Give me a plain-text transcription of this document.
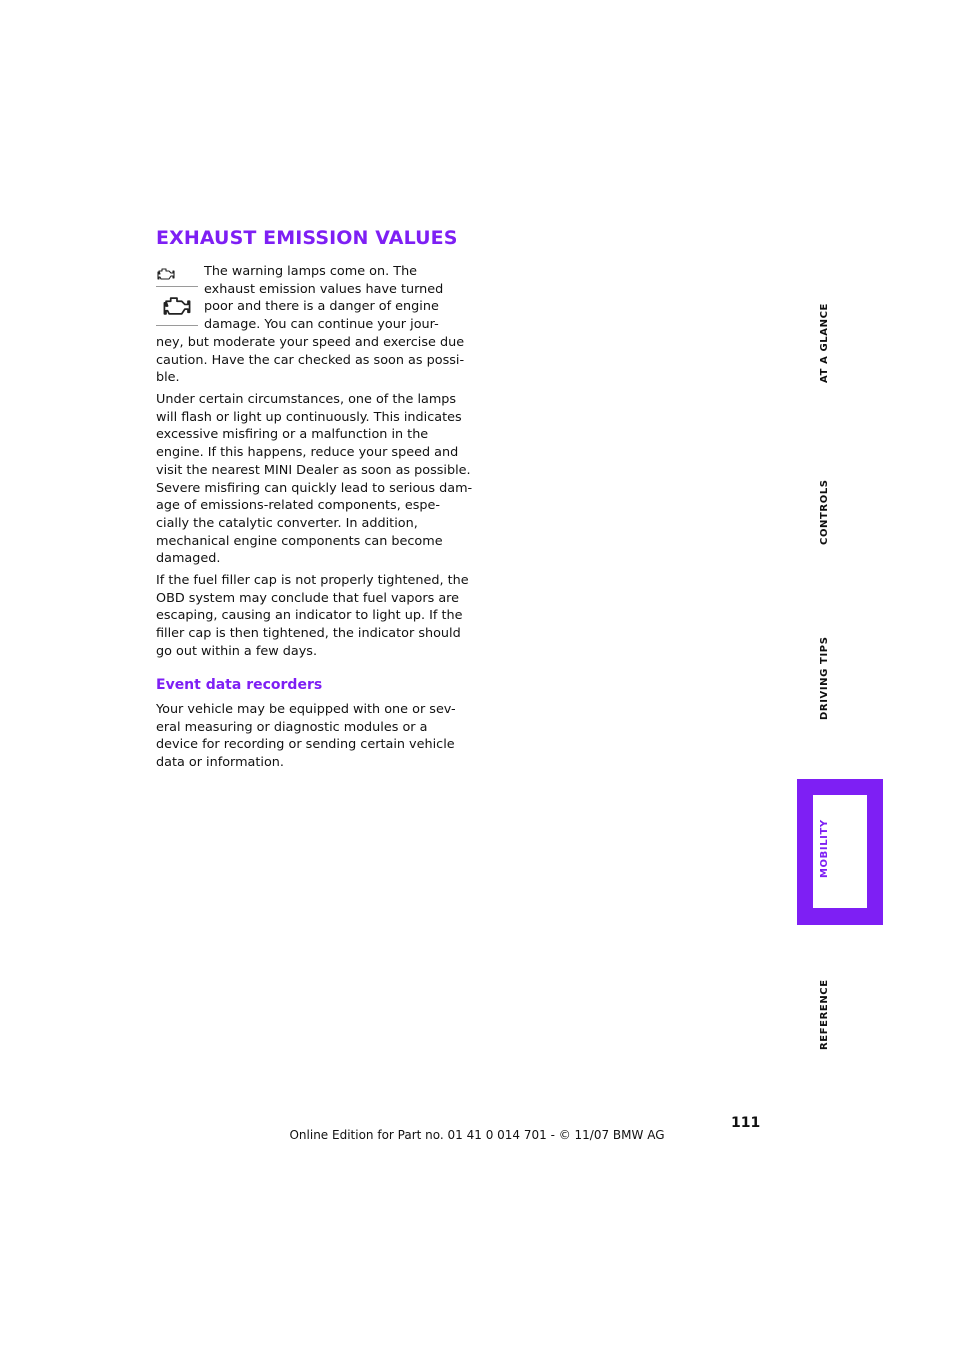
EXHAUST EMISSION VALUES
The warning lamps come on. The
exhaust emission values have turned
poor and there is a danger of engine
damage. You can continue your jour-
ney, but moderate your speed and exercise due
caution. Have the car checked as soon as possi-
ble.
Under certain circumstances, one of the lamps
will flash or light up continuously. This indicates
excessive misfiring or a malfunction in the
engine. If this happens, reduce your speed and
visit the nearest MINI Dealer as soon as possible.
Severe misfiring can quickly lead to serious dam-
age of emissions-related components, espe-
cially the catalytic converter. In addition,
mechanical engine components can become
damaged.
If the fuel filler cap is not properly tightened, the
OBD system may conclude that fuel vapors are
escaping, causing an indicator to light up. If the
filler cap is then tightened, the indicator should
go out within a few days.
Event data recorders
Your vehicle may be equipped with one or sev-
eral measuring or diagnostic modules or a
device for recording or sending certain vehicle
data or information.
AT A GLANCE
CONTROLS
DRIVING TIPS
MOBILITY
REFERENCE
111
Online Edition for Part no. 01 41 0 014 701 - © 11/07 BMW AG
